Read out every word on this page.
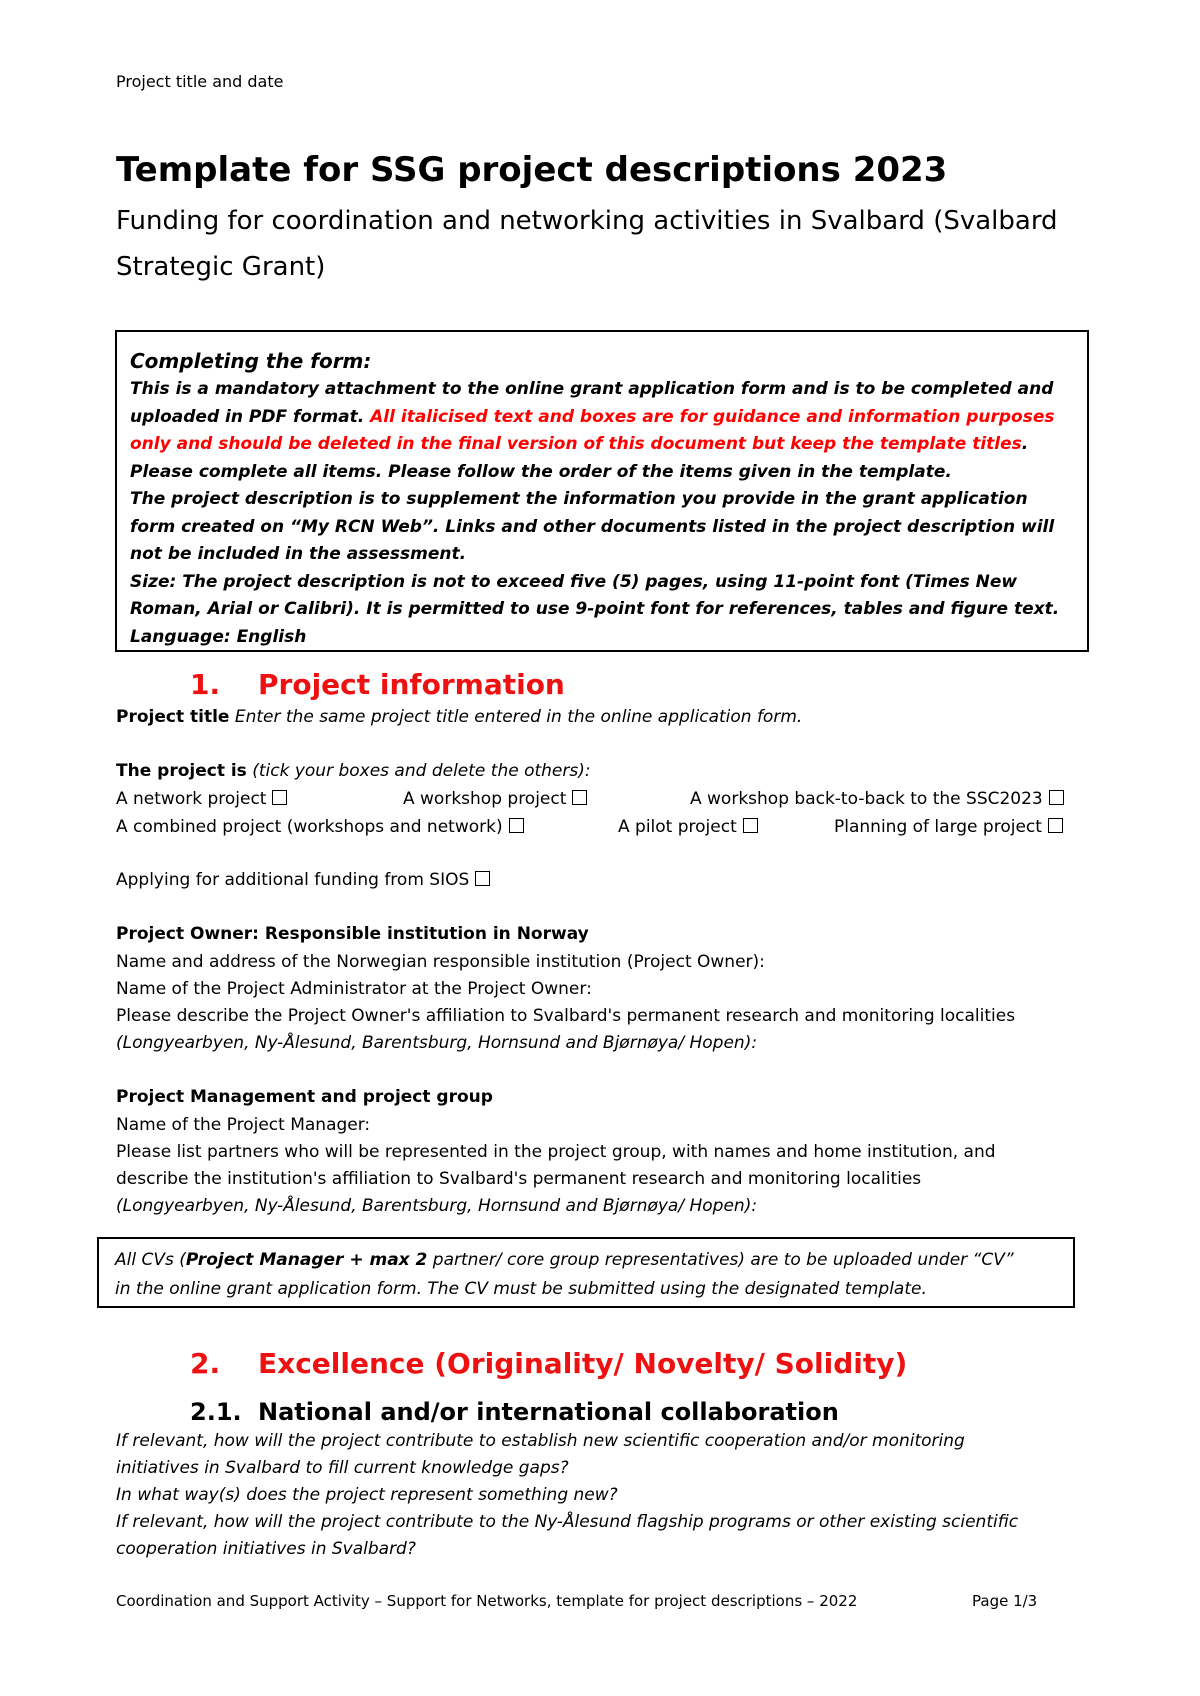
Project title and date
Template for SSG project descriptions 2023
Funding for coordination and networking activities in Svalbard (Svalbard Strategic Grant)
Completing the form:

This is a mandatory attachment to the online grant application form and is to be completed and uploaded in PDF format. All italicised text and boxes are for guidance and information purposes only and should be deleted in the final version of this document but keep the template titles.

Please complete all items. Please follow the order of the items given in the template.

The project description is to supplement the information you provide in the grant application form created on “My RCN Web”. Links and other documents listed in the project description will not be included in the assessment.

Size: The project description is not to exceed five (5) pages, using 11-point font (Times New Roman, Arial or Calibri). It is permitted to use 9-point font for references, tables and figure text.

Language: English

1. Project information
Project title Enter the same project title entered in the online application form.
The project is (tick your boxes and delete the others):
A network project	A workshop project	A workshop back-to-back to the SSC2023
A combined project (workshops and network)	A pilot project	Planning of large project
Applying for additional funding from SIOS
Project Owner: Responsible institution in Norway
Name and address of the Norwegian responsible institution (Project Owner):
Name of the Project Administrator at the Project Owner:
Please describe the Project Owner's affiliation to Svalbard's permanent research and monitoring localities
(Longyearbyen, Ny-Ålesund, Barentsburg, Hornsund and Bjørnøya/ Hopen):
Project Management and project group
Name of the Project Manager:
Please list partners who will be represented in the project group, with names and home institution, and
describe the institution's affiliation to Svalbard's permanent research and monitoring localities
(Longyearbyen, Ny-Ålesund, Barentsburg, Hornsund and Bjørnøya/ Hopen):

All CVs (Project Manager + max 2 partner/ core group representatives) are to be uploaded under “CV”

in the online grant application form. The CV must be submitted using the designated template.

2. Excellence (Originality/ Novelty/ Solidity)
2.1. National and/or international collaboration
If relevant, how will the project contribute to establish new scientific cooperation and/or monitoring
initiatives in Svalbard to fill current knowledge gaps?
In what way(s) does the project represent something new?
If relevant, how will the project contribute to the Ny-Ålesund flagship programs or other existing scientific
cooperation initiatives in Svalbard?
Coordination and Support Activity – Support for Networks, template for project descriptions – 2022	Page 1/3
